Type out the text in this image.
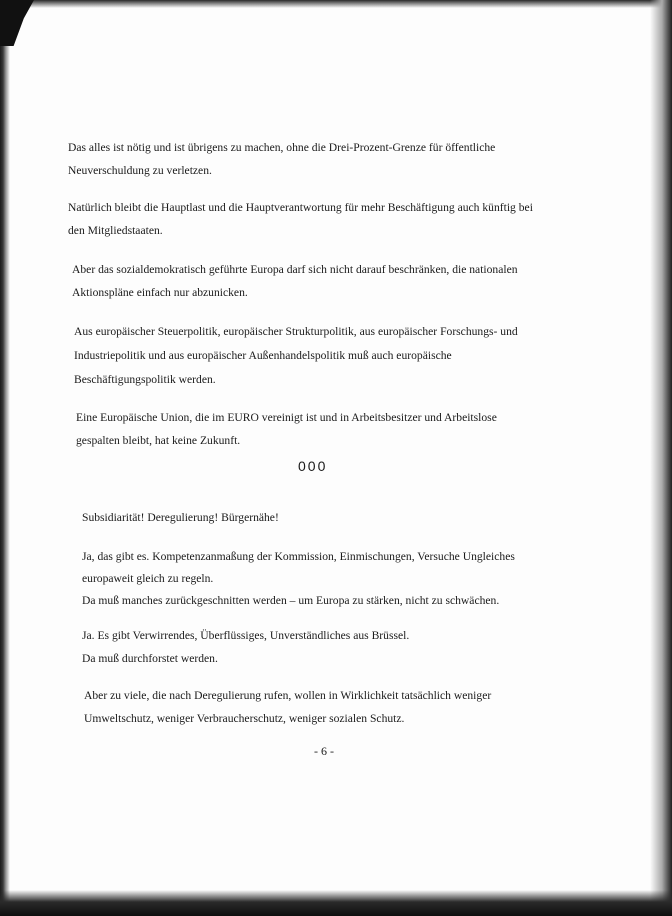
Das alles ist nötig und ist übrigens zu machen, ohne die Drei-Prozent-Grenze für öffentliche
Neuverschuldung zu verletzen.

Natürlich bleibt die Hauptlast und die Hauptverantwortung für mehr Beschäftigung auch künftig bei
den Mitgliedstaaten.

Aber das sozialdemokratisch geführte Europa darf sich nicht darauf beschränken, die nationalen
Aktionspläne einfach nur abzunicken.

Aus europäischer Steuerpolitik, europäischer Strukturpolitik, aus europäischer Forschungs- und
Industriepolitik und aus europäischer Außenhandelspolitik muß auch europäische
Beschäftigungspolitik werden.

Eine Europäische Union, die im EURO vereinigt ist und in Arbeitsbesitzer und Arbeitslose
gespalten bleibt, hat keine Zukunft.

000

Subsidiarität! Deregulierung! Bürgernähe!

Ja, das gibt es. Kompetenzanmaßung der Kommission, Einmischungen, Versuche Ungleiches
europaweit gleich zu regeln.
Da muß manches zurückgeschnitten werden – um Europa zu stärken, nicht zu schwächen.

Ja. Es gibt Verwirrendes, Überflüssiges, Unverständliches aus Brüssel.
Da muß durchforstet werden.

Aber zu viele, die nach Deregulierung rufen, wollen in Wirklichkeit tatsächlich weniger
Umweltschutz, weniger Verbraucherschutz, weniger sozialen Schutz.

- 6 -
